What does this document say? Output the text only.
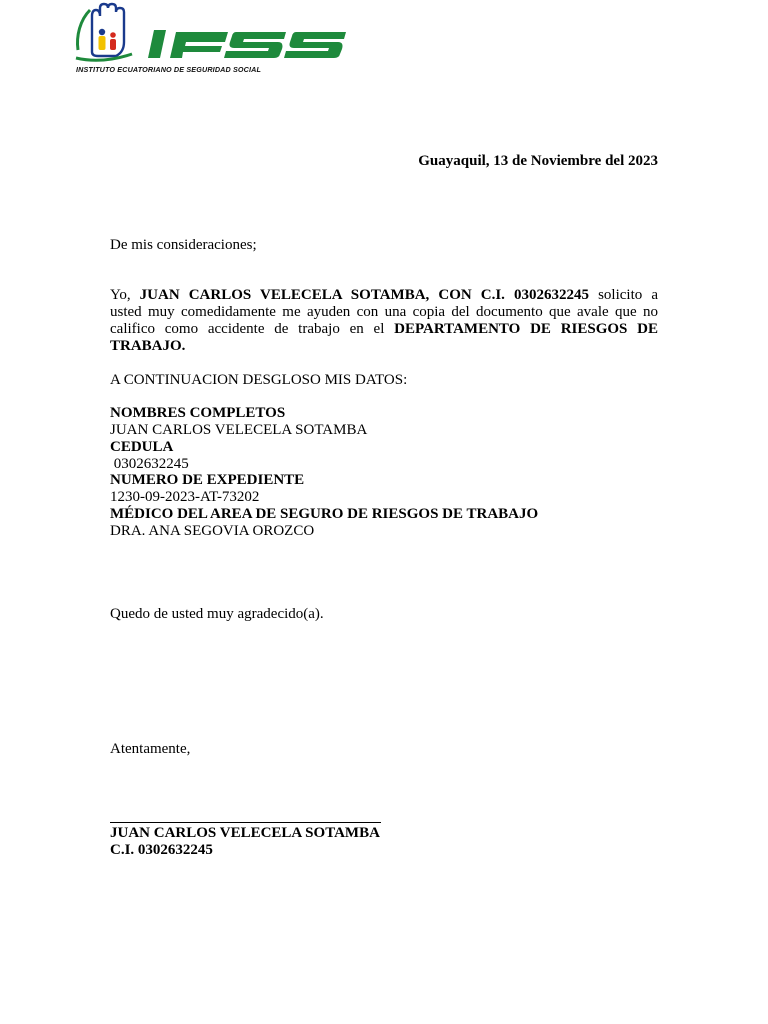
INSTITUTO ECUATORIANO DE SEGURIDAD SOCIAL
Guayaquil, 13 de Noviembre del 2023
De mis consideraciones;
Yo, JUAN CARLOS VELECELA SOTAMBA, CON C.I. 0302632245 solicito a
usted muy comedidamente me ayuden con una copia del documento que avale que no
califico como accidente de trabajo en el DEPARTAMENTO DE RIESGOS DE
TRABAJO.
A CONTINUACION DESGLOSO MIS DATOS:
NOMBRES COMPLETOS
JUAN CARLOS VELECELA SOTAMBA
CEDULA
0302632245
NUMERO DE EXPEDIENTE
1230-09-2023-AT-73202
MÉDICO DEL AREA DE SEGURO DE RIESGOS DE TRABAJO
DRA. ANA SEGOVIA OROZCO
Quedo de usted muy agradecido(a).
Atentamente,
JUAN CARLOS VELECELA SOTAMBA
C.I. 0302632245
